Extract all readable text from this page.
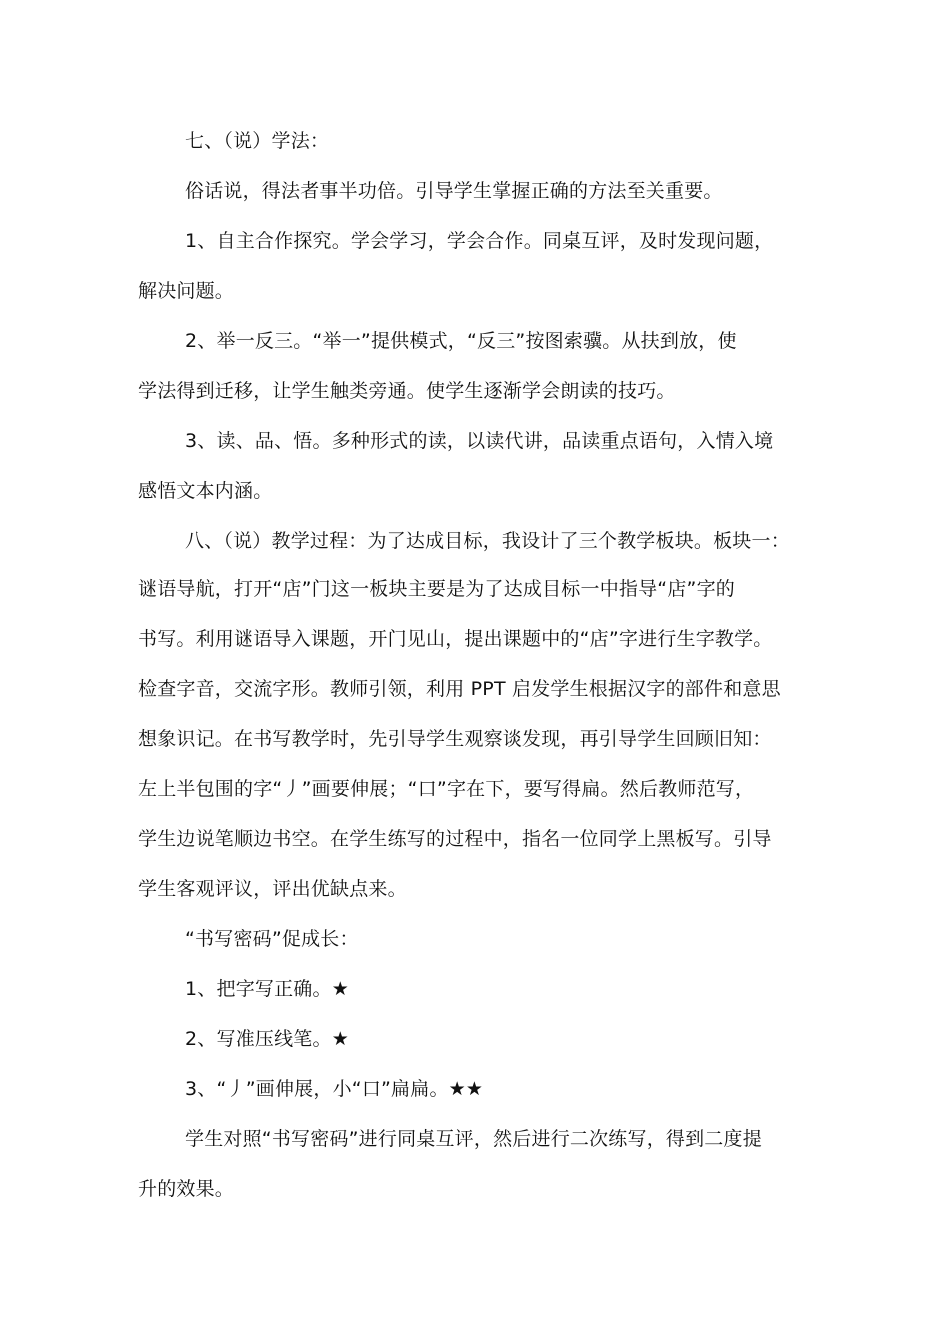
七、（说）学法：
俗话说，得法者事半功倍。引导学生掌握正确的方法至关重要。
1、自主合作探究。学会学习，学会合作。同桌互评，及时发现问题，
解决问题。
2、举一反三。“举一”提供模式，“反三”按图索骥。从扶到放，使
学法得到迁移，让学生触类旁通。使学生逐渐学会朗读的技巧。
3、读、品、悟。多种形式的读，以读代讲，品读重点语句，入情入境
感悟文本内涵。
八、（说）教学过程：为了达成目标，我设计了三个教学板块。板块一：
谜语导航，打开“店”门这一板块主要是为了达成目标一中指导“店”字的
书写。利用谜语导入课题，开门见山，提出课题中的“店”字进行生字教学。
检查字音，交流字形。教师引领，利用 PPT 启发学生根据汉字的部件和意思
想象识记。在书写教学时，先引导学生观察谈发现，再引导学生回顾旧知：
左上半包围的字“丿”画要伸展；“口”字在下，要写得扁。然后教师范写，
学生边说笔顺边书空。在学生练写的过程中，指名一位同学上黑板写。引导
学生客观评议，评出优缺点来。
“书写密码”促成长：
1、把字写正确。★
2、写准压线笔。★
3、“丿”画伸展，小“口”扁扁。★★
学生对照“书写密码”进行同桌互评，然后进行二次练写，得到二度提
升的效果。
